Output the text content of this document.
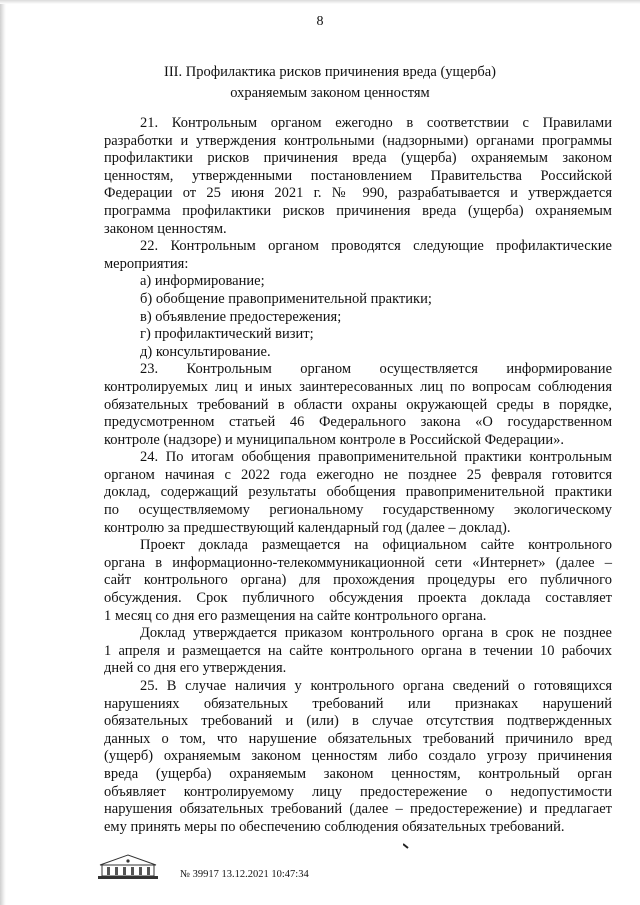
8
III. Профилактика рисков причинения вреда (ущерба)
охраняемым законом ценностям

21. Контрольным органом ежегодно в соответствии с Правилами

разработки и утверждения контрольными (надзорными) органами программы

профилактики рисков причинения вреда (ущерба) охраняемым законом

ценностям, утвержденными постановлением Правительства Российской

Федерации от 25 июня 2021 г. № 990, разрабатывается и утверждается

программа профилактики рисков причинения вреда (ущерба) охраняемым

законом ценностям.

22. Контрольным органом проводятся следующие профилактические

мероприятия:

а) информирование;

б) обобщение правоприменительной практики;

в) объявление предостережения;

г) профилактический визит;

д) консультирование.

23. Контрольным органом осуществляется информирование

контролируемых лиц и иных заинтересованных лиц по вопросам соблюдения

обязательных требований в области охраны окружающей среды в порядке,

предусмотренном статьей 46 Федерального закона «О государственном

контроле (надзоре) и муниципальном контроле в Российской Федерации».

24. По итогам обобщения правоприменительной практики контрольным

органом начиная с 2022 года ежегодно не позднее 25 февраля готовится

доклад, содержащий результаты обобщения правоприменительной практики

по осуществляемому региональному государственному экологическому

контролю за предшествующий календарный год (далее – доклад).

Проект доклада размещается на официальном сайте контрольного

органа в информационно-телекоммуникационной сети «Интернет» (далее –

сайт контрольного органа) для прохождения процедуры его публичного

обсуждения. Срок публичного обсуждения проекта доклада составляет

1 месяц со дня его размещения на сайте контрольного органа.

Доклад утверждается приказом контрольного органа в срок не позднее

1 апреля и размещается на сайте контрольного органа в течении 10 рабочих

дней со дня его утверждения.

25. В случае наличия у контрольного органа сведений о готовящихся

нарушениях обязательных требований или признаках нарушений

обязательных требований и (или) в случае отсутствия подтвержденных

данных о том, что нарушение обязательных требований причинило вред

(ущерб) охраняемым законом ценностям либо создало угрозу причинения

вреда (ущерба) охраняемым законом ценностям, контрольный орган

объявляет контролируемому лицу предостережение о недопустимости

нарушения обязательных требований (далее – предостережение) и предлагает

ему принять меры по обеспечению соблюдения обязательных требований.

№ 39917 13.12.2021 10:47:34
